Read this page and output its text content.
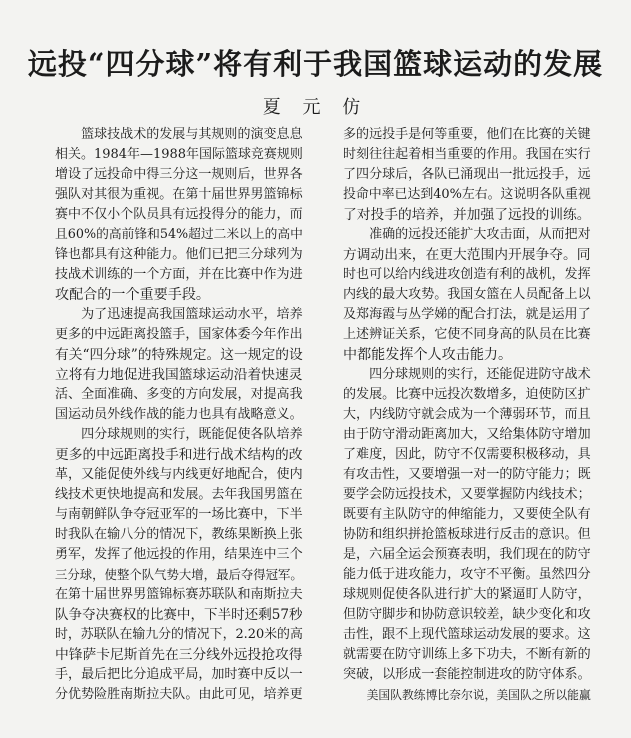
远投“四分球”将有利于我国篮球运动的发展
夏 元 仿
　　篮球技战术的发展与其规则的演变息息
相关。1984年—1988年国际篮球竞赛规则
增设了远投命中得三分这一规则后，世界各
强队对其很为重视。在第十届世界男篮锦标
赛中不仅小个队员具有远投得分的能力，而
且60%的高前锋和54%超过二米以上的高中
锋也都具有这种能力。他们已把三分球列为
技战术训练的一个方面，并在比赛中作为进
攻配合的一个重要手段。
　　为了迅速提高我国篮球运动水平，培养
更多的中远距离投篮手，国家体委今年作出
有关“四分球”的特殊规定。这一规定的设
立将有力地促进我国篮球运动沿着快速灵
活、全面准确、多变的方向发展，对提高我
国运动员外线作战的能力也具有战略意义。
　　四分球规则的实行，既能促使各队培养
更多的中远距离投手和进行战术结构的改
革，又能促使外线与内线更好地配合，使内
线技术更快地提高和发展。去年我国男篮在
与南朝鲜队争夺冠亚军的一场比赛中，下半
时我队在输八分的情况下，教练果断换上张
勇军，发挥了他远投的作用，结果连中三个
三分球，使整个队气势大增，最后夺得冠军。
在第十届世界男篮锦标赛苏联队和南斯拉夫
队争夺决赛权的比赛中，下半时还剩57秒
时，苏联队在输九分的情况下，2.20米的高
中锋萨卡尼斯首先在三分线外远投抢攻得
手，最后把比分追成平局，加时赛中反以一
分优势险胜南斯拉夫队。由此可见，培养更
多的远投手是何等重要，他们在比赛的关键
时刻往往起着相当重要的作用。我国在实行
了四分球后，各队已涌现出一批远投手，远
投命中率已达到40%左右。这说明各队重视
了对投手的培养，并加强了远投的训练。
　　准确的远投还能扩大攻击面，从而把对
方调动出来，在更大范围内开展争夺。同
时也可以给内线进攻创造有利的战机，发挥
内线的最大攻势。我国女篮在人员配备上以
及郑海霞与丛学娣的配合打法，就是运用了
上述辨证关系，它使不同身高的队员在比赛
中都能发挥个人攻击能力。
　　四分球规则的实行，还能促进防守战术
的发展。比赛中远投次数增多，迫使防区扩
大，内线防守就会成为一个薄弱环节，而且
由于防守滑动距离加大，又给集体防守增加
了难度，因此，防守不仅需要积极移动，具
有攻击性，又要增强一对一的防守能力；既
要学会防远投技术，又要掌握防内线技术；
既要有主队防守的伸缩能力，又要使全队有
协防和组织拼抢篮板球进行反击的意识。但
是，六届全运会预赛表明，我们现在的防守
能力低于进攻能力，攻守不平衡。虽然四分
球规则促使各队进行扩大的紧逼盯人防守，
但防守脚步和协防意识较差，缺少变化和攻
击性，跟不上现代篮球运动发展的要求。这
就需要在防守训练上多下功夫，不断有新的
突破，以形成一套能控制进攻的防守体系。
　　美国队教练博比奈尔说，美国队之所以能赢
